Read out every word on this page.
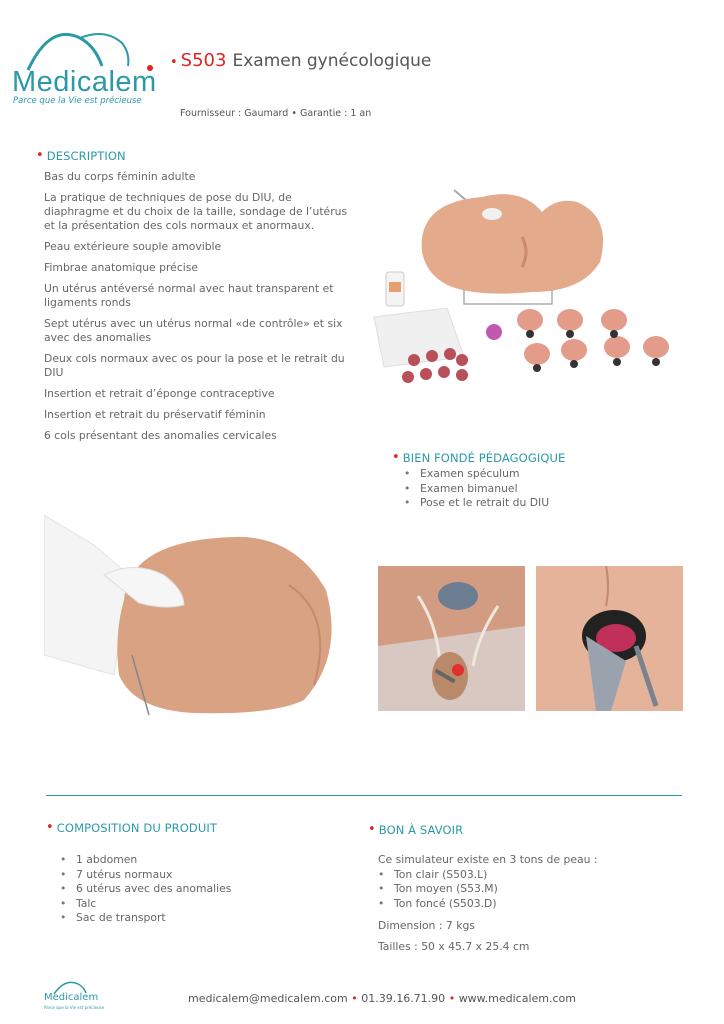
Medicalem
Parce que la Vie est précieuse
• S503 Examen gynécologique
Fournisseur : Gaumard • Garantie : 1 an
• DESCRIPTION
Bas du corps féminin adulte
La pratique de techniques de pose du DIU, de diaphragme et du choix de la taille, sondage de l’utérus et la présentation des cols normaux et anormaux.
Peau extérieure souple amovible
Fimbrae anatomique précise
Un utérus antéversé normal avec haut transparent et ligaments ronds
Sept utérus avec un utérus normal «de contrôle» et six avec des anomalies
Deux cols normaux avec os pour la pose et le retrait du DIU
Insertion et retrait d’éponge contraceptive
Insertion et retrait du préservatif féminin
6 cols présentant des anomalies cervicales
• BIEN FONDÉ PÉDAGOGIQUE
• Examen spéculum
• Examen bimanuel
• Pose et le retrait du DIU
• COMPOSITION DU PRODUIT
• 1 abdomen
• 7 utérus normaux
• 6 utérus avec des anomalies
• Talc
• Sac de transport
• BON À SAVOIR
Ce simulateur existe en 3 tons de peau :
• Ton clair (S503.L)
• Ton moyen (S53.M)
• Ton foncé (S503.D)
Dimension : 7 kgs
Tailles : 50 x 45.7 x 25.4 cm
Medicalem
Parce que la Vie est précieuse
medicalem@medicalem.com • 01.39.16.71.90 • www.medicalem.com
